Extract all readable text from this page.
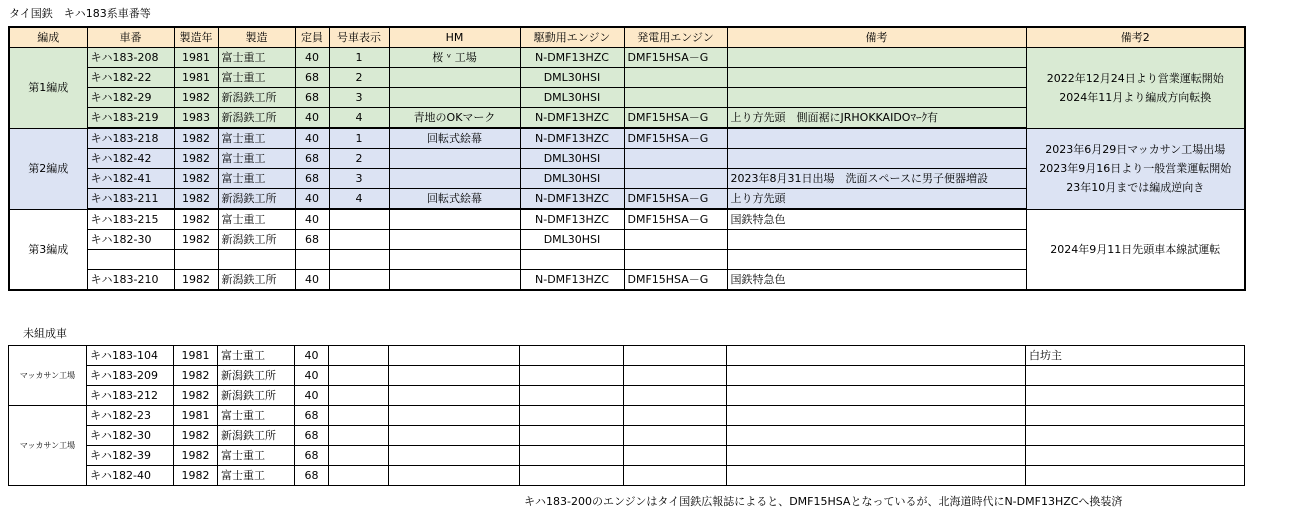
タイ国鉄　キハ183系車番等
編成	車番	製造年	製造	定員	号車表示	HM	駆動用エンジン	発電用エンジン	備考	備考2
第1編成	キハ183-208	1981	富士重工	40	1	桜 ᵛ 工場	N-DMF13HZC	DMF15HSA－G		2022年12月24日より営業運転開始
2024年11月より編成方向転換

	キハ182-22	1981	富士重工	68	2		DML30HSI			
	キハ182-29	1982	新潟鉄工所	68	3		DML30HSI			
	キハ183-219	1983	新潟鉄工所	40	4	青地のOKマーク	N-DMF13HZC	DMF15HSA－G	上り方先頭　側面裾にJRHOKKAIDOﾏｰｸ有	
第2編成	キハ183-218	1982	富士重工	40	1	回転式絵幕	N-DMF13HZC	DMF15HSA－G		2023年6月29日マッカサン工場出場
2023年9月16日より一般営業運転開始
23年10月までは編成逆向き

	キハ182-42	1982	富士重工	68	2		DML30HSI			
	キハ182-41	1982	富士重工	68	3		DML30HSI		2023年8月31日出場　洗面スペースに男子便器増設	
	キハ183-211	1982	新潟鉄工所	40	4	回転式絵幕	N-DMF13HZC	DMF15HSA－G	上り方先頭	
第3編成	キハ183-215	1982	富士重工	40			N-DMF13HZC	DMF15HSA－G	国鉄特急色	2024年9月11日先頭車本線試運転

	キハ182-30	1982	新潟鉄工所	68			DML30HSI			

	キハ183-210	1982	新潟鉄工所	40			N-DMF13HZC	DMF15HSA－G	国鉄特急色	
未組成車
マッカサン工場	キハ183-104	1981	富士重工	40						白坊主
	キハ183-209	1982	新潟鉄工所	40						
	キハ183-212	1982	新潟鉄工所	40						
マッカサン工場	キハ182-23	1981	富士重工	68						
	キハ182-30	1982	新潟鉄工所	68						
	キハ182-39	1982	富士重工	68						
	キハ182-40	1982	富士重工	68						
キハ183-200のエンジンはタイ国鉄広報誌によると、DMF15HSAとなっているが、北海道時代にN-DMF13HZCへ換装済
